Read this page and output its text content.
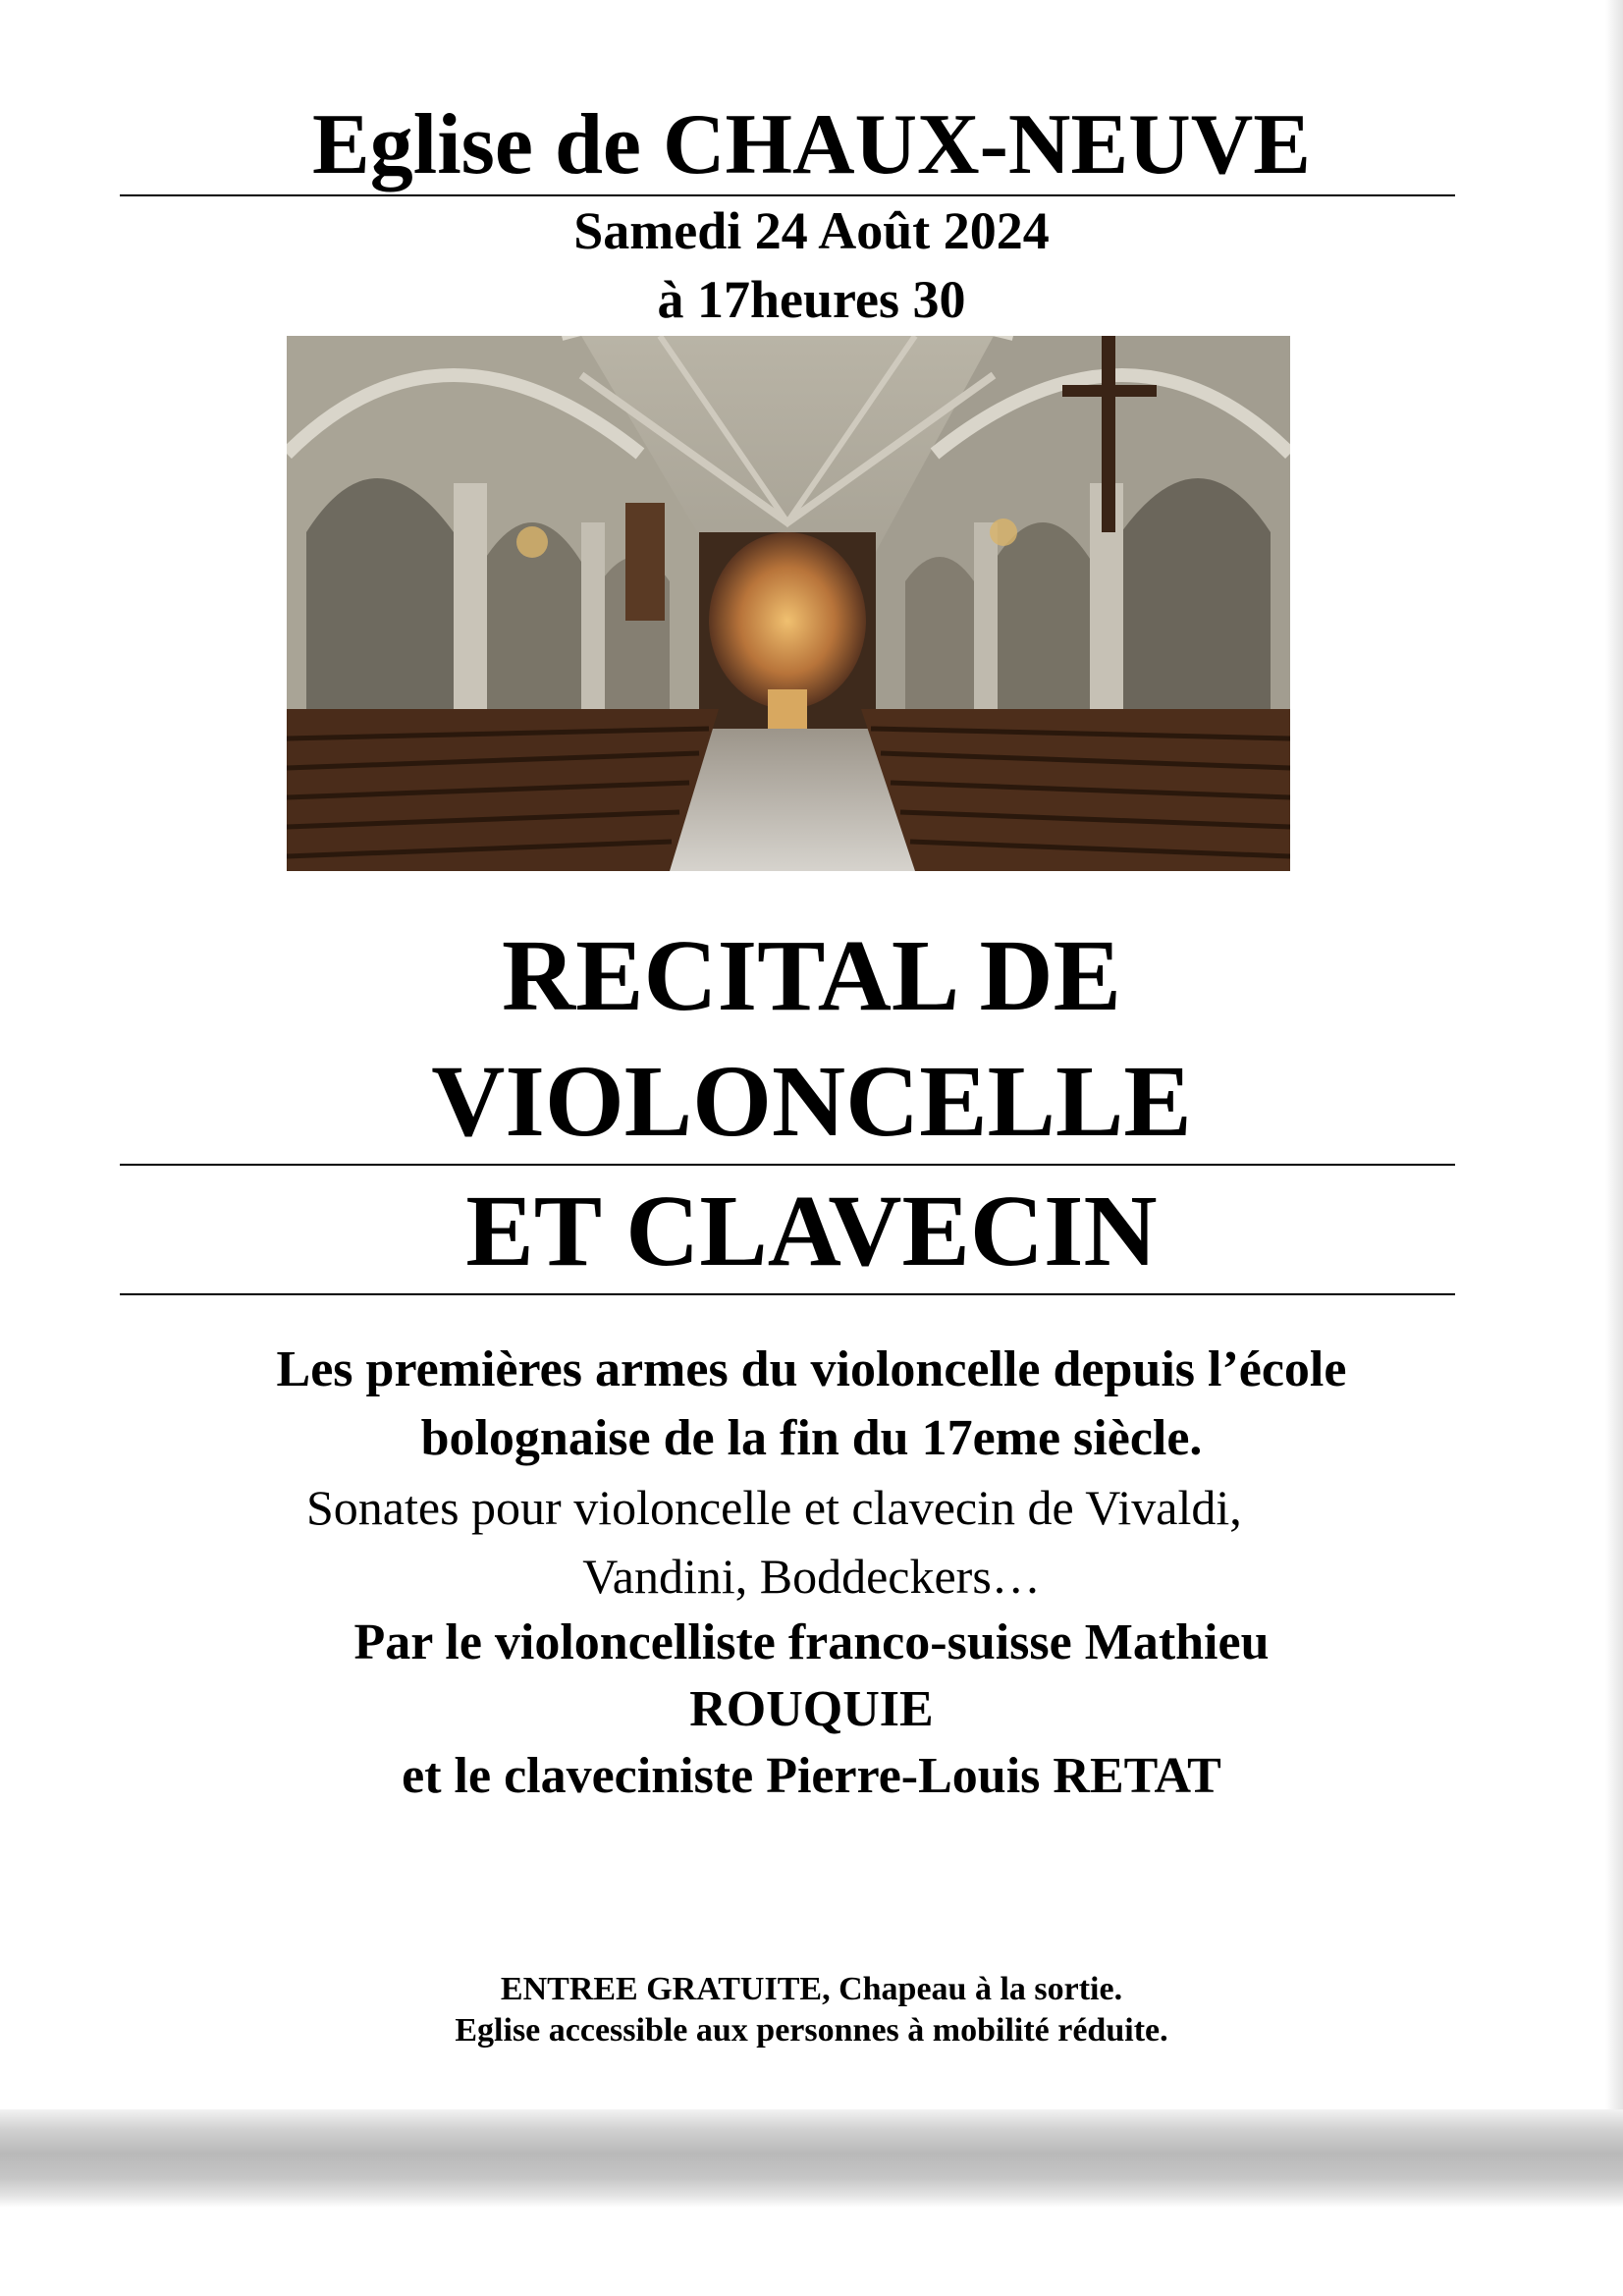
Eglise de CHAUX-NEUVE
Samedi 24 Août 2024
à 17heures 30
RECITAL DE
VIOLONCELLE
ET CLAVECIN
Les premières armes du violoncelle depuis l’école
bolognaise de la fin du 17eme siècle.
Sonates pour violoncelle et clavecin de Vivaldi,
Vandini, Boddeckers…
Par le violoncelliste franco-suisse Mathieu
ROUQUIE
et le claveciniste Pierre-Louis RETAT
ENTREE GRATUITE, Chapeau à la sortie.
Eglise accessible aux personnes à mobilité réduite.
